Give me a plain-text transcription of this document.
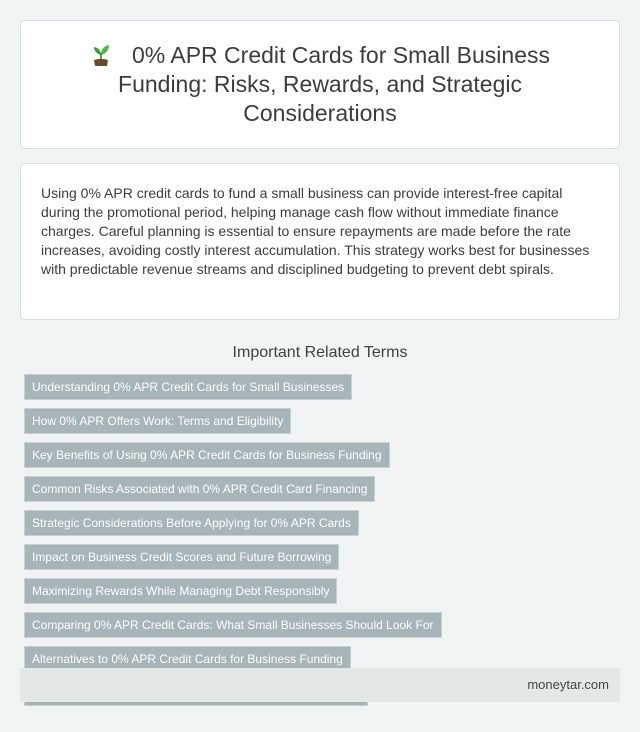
0% APR Credit Cards for Small Business Funding: Risks, Rewards, and Strategic Considerations

Using 0% APR credit cards to fund a small business can provide interest-free capital during the promotional period, helping manage cash flow without immediate finance charges. Careful planning is essential to ensure repayments are made before the rate increases, avoiding costly interest accumulation. This strategy works best for businesses with predictable revenue streams and disciplined budgeting to prevent debt spirals.

Important Related Terms
Understanding 0% APR Credit Cards for Small Businesses
How 0% APR Offers Work: Terms and Eligibility
Key Benefits of Using 0% APR Credit Cards for Business Funding
Common Risks Associated with 0% APR Credit Card Financing
Strategic Considerations Before Applying for 0% APR Cards
Impact on Business Credit Scores and Future Borrowing
Maximizing Rewards While Managing Debt Responsibly
Comparing 0% APR Credit Cards: What Small Businesses Should Look For
Alternatives to 0% APR Credit Cards for Business Funding
moneytar.com
